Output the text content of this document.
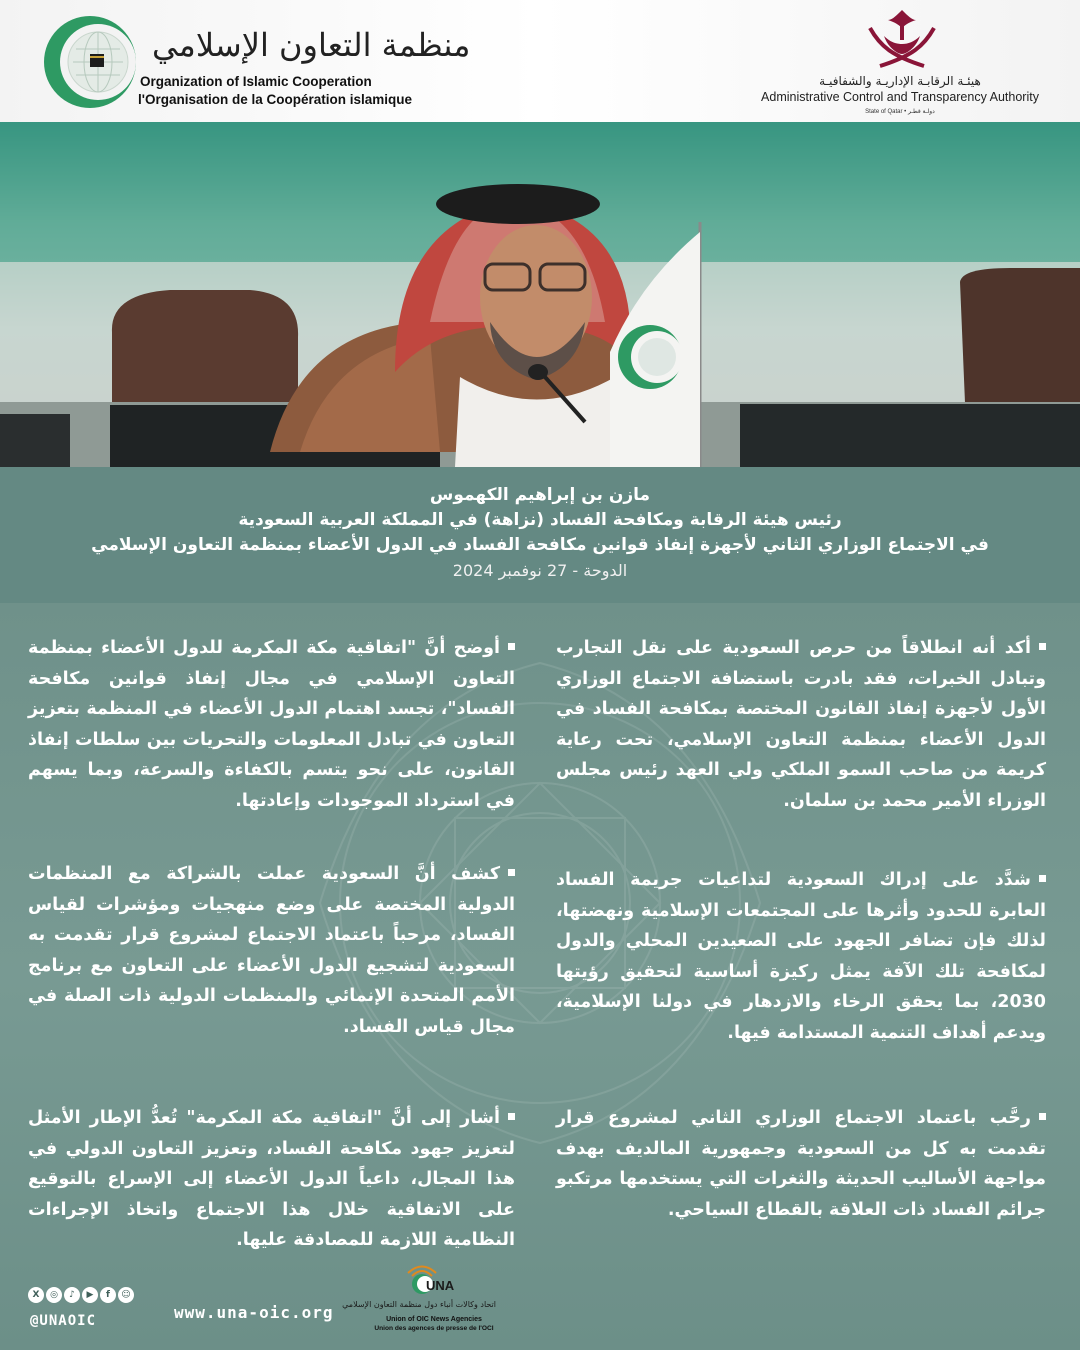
منظمة التعاون الإسلامي
Organization of Islamic Cooperation
l'Organisation de la Coopération islamique
هيئـة الرقابـة الإداريـة والشفافيـة
Administrative Control and Transparency Authority
State of Qatar • دولـة قطـر
مازن بن إبراهيم الكهموس
رئيس هيئة الرقابة ومكافحة الفساد (نزاهة) في المملكة العربية السعودية
في الاجتماع الوزاري الثاني لأجهزة إنفاذ قوانين مكافحة الفساد في الدول الأعضاء بمنظمة التعاون الإسلامي
الدوحة - 27 نوفمبر 2024
أكد أنه انطلاقاً من حرص السعودية على نقل التجارب وتبادل الخبرات، فقد بادرت باستضافة الاجتماع الوزاري الأول لأجهزة إنفاذ القانون المختصة بمكافحة الفساد في الدول الأعضاء بمنظمة التعاون الإسلامي، تحت رعاية كريمة من صاحب السمو الملكي ولي العهد رئيس مجلس الوزراء الأمير محمد بن سلمان.
شدَّد على إدراك السعودية لتداعيات جريمة الفساد العابرة للحدود وأثرها على المجتمعات الإسلامية ونهضتها، لذلك فإن تضافر الجهود على الصعيدين المحلي والدول لمكافحة تلك الآفة يمثل ركيزة أساسية لتحقيق رؤيتها 2030، بما يحقق الرخاء والازدهار في دولنا الإسلامية، ويدعم أهداف التنمية المستدامة فيها.
رحَّب باعتماد الاجتماع الوزاري الثاني لمشروع قرار تقدمت به كل من السعودية وجمهورية المالديف بهدف مواجهة الأساليب الحديثة والثغرات التي يستخدمها مرتكبو جرائم الفساد ذات العلاقة بالقطاع السياحي.
أوضح أنَّ "اتفاقية مكة المكرمة للدول الأعضاء بمنظمة التعاون الإسلامي في مجال إنفاذ قوانين مكافحة الفساد"، تجسد اهتمام الدول الأعضاء في المنظمة بتعزيز التعاون في تبادل المعلومات والتحريات بين سلطات إنفاذ القانون، على نحو يتسم بالكفاءة والسرعة، وبما يسهم في استرداد الموجودات وإعادتها.
كشف أنَّ السعودية عملت بالشراكة مع المنظمات الدولية المختصة على وضع منهجيات ومؤشرات لقياس الفساد، مرحباً باعتماد الاجتماع لمشروع قرار تقدمت به السعودية لتشجيع الدول الأعضاء على التعاون مع برنامج الأمم المتحدة الإنمائي والمنظمات الدولية ذات الصلة في مجال قياس الفساد.
أشار إلى أنَّ "اتفاقية مكة المكرمة" تُعدُّ الإطار الأمثل لتعزيز جهود مكافحة الفساد، وتعزيز التعاون الدولي في هذا المجال، داعياً الدول الأعضاء إلى الإسراع بالتوقيع على الاتفاقية خلال هذا الاجتماع واتخاذ الإجراءات النظامية اللازمة للمصادقة عليها.
X	◎	♪	▶	f	☺
@UNAOIC	www.una-oic.org
UNA
اتحاد وكالات أنباء دول منظمة التعاون الإسلامي
Union of OIC News Agencies
Union des agences de presse de l'OCI
